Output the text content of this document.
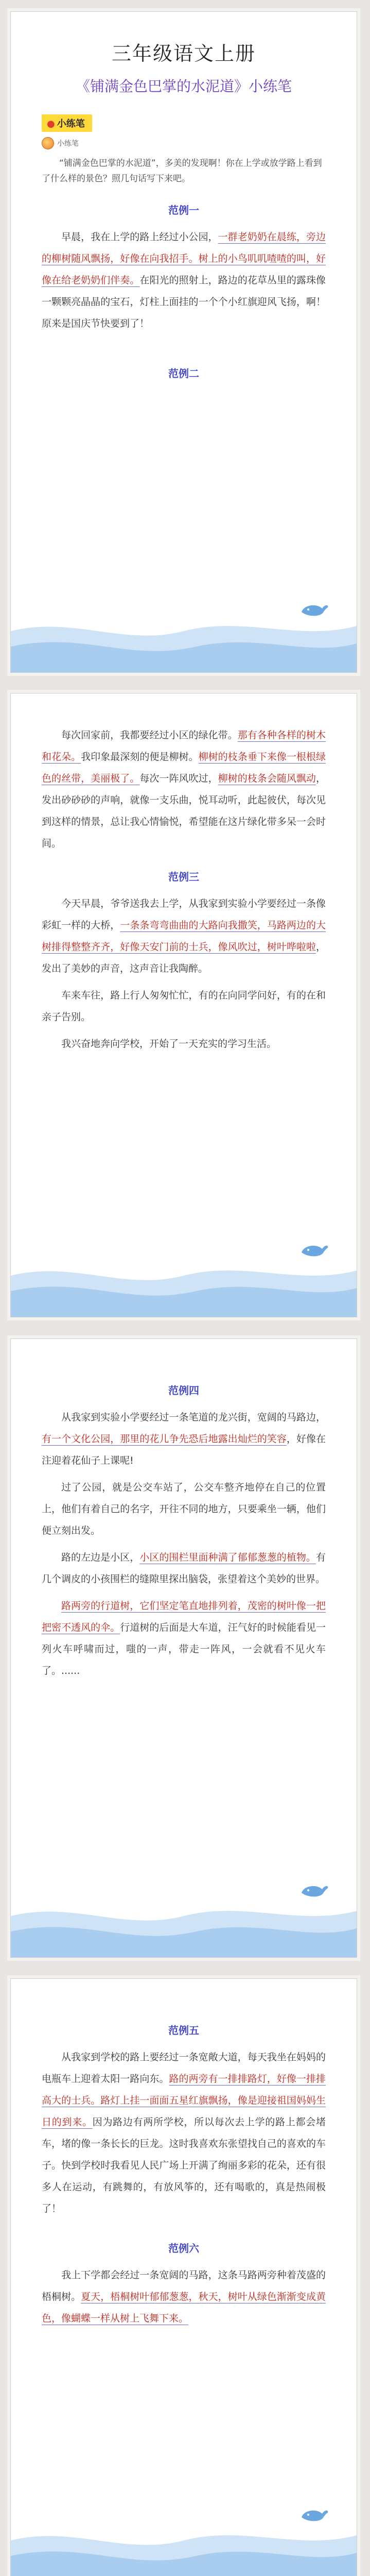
三年级语文上册
《铺满金色巴掌的水泥道》小练笔
● 小练笔
小练笔

“铺满金色巴掌的水泥道”，多美的发现啊！你在上学或放学路上看到了什么样的景色？照几句话写下来吧。

范例一

早晨，我在上学的路上经过小公园，一群老奶奶在晨练，旁边的柳树随风飘扬，好像在向我招手。树上的小鸟叽叽喳喳的叫，好像在给老奶奶们伴奏。在阳光的照射上，路边的花草丛里的露珠像一颗颗亮晶晶的宝石，灯柱上面挂的一个个小红旗迎风飞扬，啊！原来是国庆节快要到了！

范例二

每次回家前，我都要经过小区的绿化带。那有各种各样的树木和花朵。我印象最深刻的便是柳树。柳树的枝条垂下来像一根根绿色的丝带，美丽极了。每次一阵风吹过，柳树的枝条会随风飘动，发出砂砂砂的声响，就像一支乐曲，悦耳动听，此起彼伏，每次见到这样的情景，总让我心情愉悦，希望能在这片绿化带多呆一会时间。

范例三

今天早晨，爷爷送我去上学，从我家到实验小学要经过一条像彩虹一样的大桥，一条条弯弯曲曲的大路向我撒笑，马路两边的大树排得整整齐齐，好像天安门前的士兵，像风吹过，树叶哗啦啦，发出了美妙的声音，这声音让我陶醉。

车来车往，路上行人匆匆忙忙，有的在向同学问好，有的在和亲子告别。

我兴奋地奔向学校，开始了一天充实的学习生活。

范例四

从我家到实验小学要经过一条笔道的龙兴街，宽阔的马路边，有一个文化公园，那里的花儿争先恐后地露出灿烂的笑容，好像在注迎着花仙子上课呢!

过了公园，就是公交车站了，公交车整齐地停在自己的位置上，他们有着自己的名字，开往不同的地方，只要乘坐一辆，他们便立刻出发。

路的左边是小区，小区的围栏里面种满了郁郁葱葱的植物。有几个调皮的小孩围栏的缝隙里探出脑袋，张望着这个美妙的世界。

路两旁的行道树，它们坚定笔直地排列着，茂密的树叶像一把把密不透风的伞。行道树的后面是大车道，汪气好的时候能看见一列火车呼啸而过，嗤的一声，带走一阵风，一会就看不见火车了。......

范例五

从我家到学校的路上要经过一条宽敞大道，每天我坐在妈妈的电瓶车上迎着太阳一路向东。路的两旁有一排排路灯，好像一排排高大的士兵。路灯上挂一面面五星红旗飘扬，像是迎接祖国妈妈生日的到来。因为路边有两所学校，所以每次去上学的路上都会堵车，堵的像一条长长的巨龙。这时我喜欢东张望找自己的喜欢的车子。快到学校时我看见人民广场上开满了绚丽多彩的花朵，还有很多人在运动，有跳舞的，有放风筝的，还有喝歌的，真是热闹极了！

范例六

我上下学都会经过一条宽阔的马路，这条马路两旁种着茂盛的梧桐树。夏天，梧桐树叶郁郁葱葱，秋天，树叶从绿色渐渐变成黄色，像蝴蝶一样从树上飞舞下来。
